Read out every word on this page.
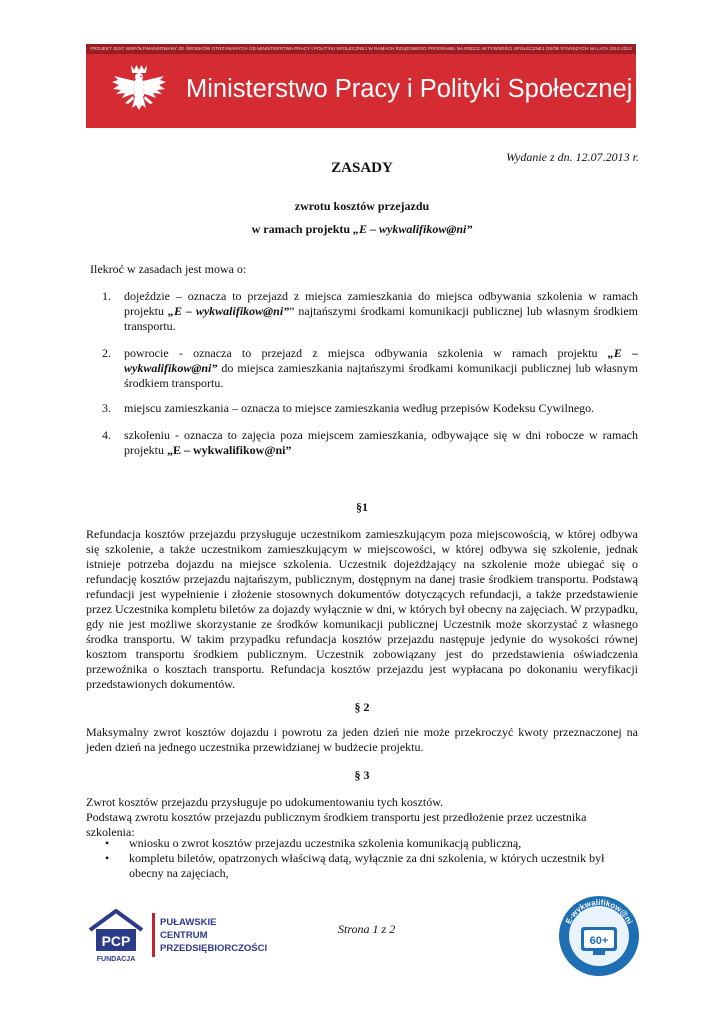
PROJEKT JEST WSPÓŁFINANSOWANY ZE ŚRODKÓW OTRZYMANYCH OD MINISTERSTWA PRACY I POLITYKI SPOŁECZNEJ W RAMACH RZĄDOWEGO PROGRAMU NA RZECZ AKTYWNOŚCI SPOŁECZNEJ OSÓB STARSZYCH NA LATA 2012-2013
Ministerstwo Pracy i Polityki Społecznej
Wydanie z dn. 12.07.2013 r.
ZASADY
zwrotu kosztów przejazdu
w ramach projektu „E – wykwalifikow@ni”
Ilekroć w zasadach jest mowa o:
1. dojeździe – oznacza to przejazd z miejsca zamieszkania do miejsca odbywania szkolenia w ramach projektu „E – wykwalifikow@ni”” najtańszymi środkami komunikacji publicznej lub własnym środkiem transportu.
2. powrocie - oznacza to przejazd z miejsca odbywania szkolenia w ramach projektu „E – wykwalifikow@ni” do miejsca zamieszkania najtańszymi środkami komunikacji publicznej lub własnym środkiem transportu.
3. miejscu zamieszkania – oznacza to miejsce zamieszkania według przepisów Kodeksu Cywilnego.
4. szkoleniu - oznacza to zajęcia poza miejscem zamieszkania, odbywające się w dni robocze w ramach projektu „E – wykwalifikow@ni”
§1
Refundacja kosztów przejazdu przysługuje uczestnikom zamieszkującym poza miejscowością, w której odbywa się szkolenie, a także uczestnikom zamieszkującym w miejscowości, w której odbywa się szkolenie, jednak istnieje potrzeba dojazdu na miejsce szkolenia. Uczestnik dojeżdżający na szkolenie może ubiegać się o refundację kosztów przejazdu najtańszym, publicznym, dostępnym na danej trasie środkiem transportu. Podstawą refundacji jest wypełnienie i złożenie stosownych dokumentów dotyczących refundacji, a także przedstawienie przez Uczestnika kompletu biletów za dojazdy wyłącznie w dni, w których był obecny na zajęciach. W przypadku, gdy nie jest możliwe skorzystanie ze środków komunikacji publicznej Uczestnik może skorzystać z własnego środka transportu. W takim przypadku refundacja kosztów przejazdu następuje jedynie do wysokości równej kosztom transportu środkiem publicznym. Uczestnik zobowiązany jest do przedstawienia oświadczenia przewoźnika o kosztach transportu. Refundacja kosztów przejazdu jest wypłacana po dokonaniu weryfikacji przedstawionych dokumentów.
§ 2
Maksymalny zwrot kosztów dojazdu i powrotu za jeden dzień nie może przekroczyć kwoty przeznaczonej na jeden dzień na jednego uczestnika przewidzianej w budżecie projektu.
§ 3
Zwrot kosztów przejazdu przysługuje po udokumentowaniu tych kosztów.
Podstawą zwrotu kosztów przejazdu publicznym środkiem transportu jest przedłożenie przez uczestnika szkolenia:
• wniosku o zwrot kosztów przejazdu uczestnika szkolenia komunikacją publiczną,
• kompletu biletów, opatrzonych właściwą datą, wyłącznie za dni szkolenia, w których uczestnik był obecny na zajęciach,
PCP
FUNDACJA
PUŁAWSKIE
CENTRUM
PRZEDSIĘBIORCZOŚCI
Strona 1 z 2
E-wykwalifikow@ni
60+
